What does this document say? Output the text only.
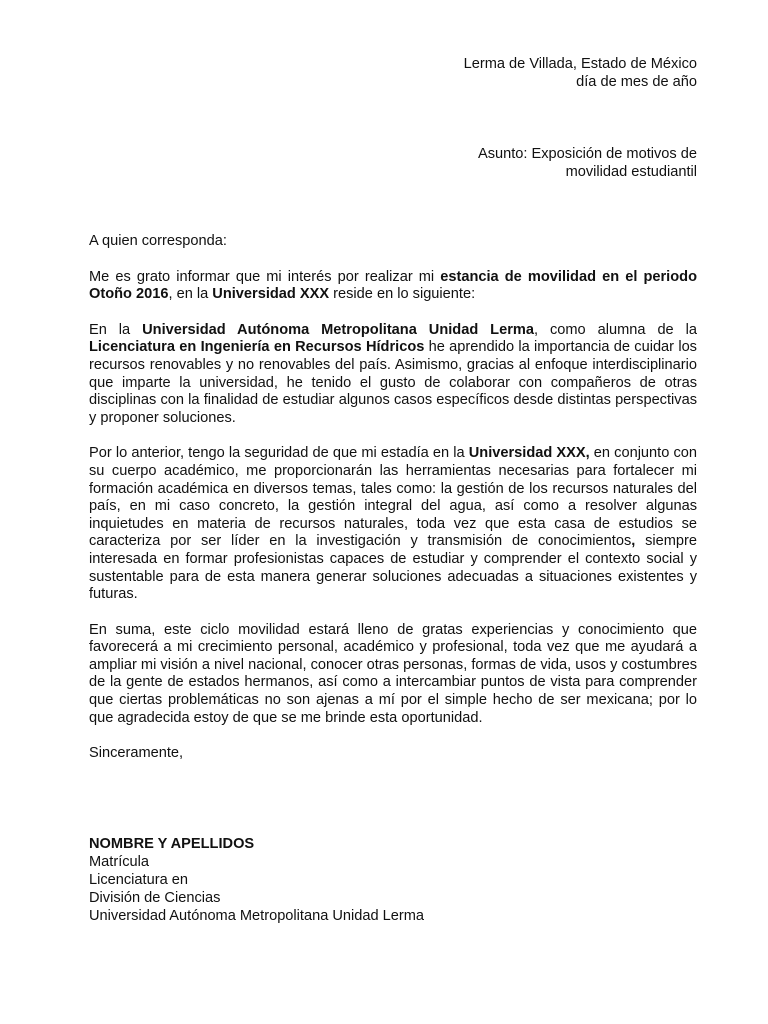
Lerma de Villada, Estado de México
día de mes de año
Asunto: Exposición de motivos de
movilidad estudiantil

A quien corresponda:

Me es grato informar que mi interés por realizar mi estancia de movilidad en el periodo Otoño 2016, en la Universidad XXX reside en lo siguiente:

En la Universidad Autónoma Metropolitana Unidad Lerma, como alumna de la Licenciatura en Ingeniería en Recursos Hídricos he aprendido la importancia de cuidar los recursos renovables y no renovables del país. Asimismo, gracias al enfoque interdisciplinario que imparte la universidad, he tenido el gusto de colaborar con compañeros de otras disciplinas con la finalidad de estudiar algunos casos específicos desde distintas perspectivas y proponer soluciones.

Por lo anterior, tengo la seguridad de que mi estadía en la Universidad XXX, en conjunto con su cuerpo académico, me proporcionarán las herramientas necesarias para fortalecer mi formación académica en diversos temas, tales como: la gestión de los recursos naturales del país, en mi caso concreto, la gestión integral del agua, así como a resolver algunas inquietudes en materia de recursos naturales, toda vez que esta casa de estudios se caracteriza por ser líder en la investigación y transmisión de conocimientos, siempre interesada en formar profesionistas capaces de estudiar y comprender el contexto social y sustentable para de esta manera generar soluciones adecuadas a situaciones existentes y futuras.

En suma, este ciclo movilidad estará lleno de gratas experiencias y conocimiento que favorecerá a mi crecimiento personal, académico y profesional, toda vez que me ayudará a ampliar mi visión a nivel nacional, conocer otras personas, formas de vida, usos y costumbres de la gente de estados hermanos, así como a intercambiar puntos de vista para comprender que ciertas problemáticas no son ajenas a mí por el simple hecho de ser mexicana; por lo que agradecida estoy de que se me brinde esta oportunidad.

Sinceramente,

NOMBRE Y APELLIDOS
Matrícula
Licenciatura en
División de Ciencias
Universidad Autónoma Metropolitana Unidad Lerma
